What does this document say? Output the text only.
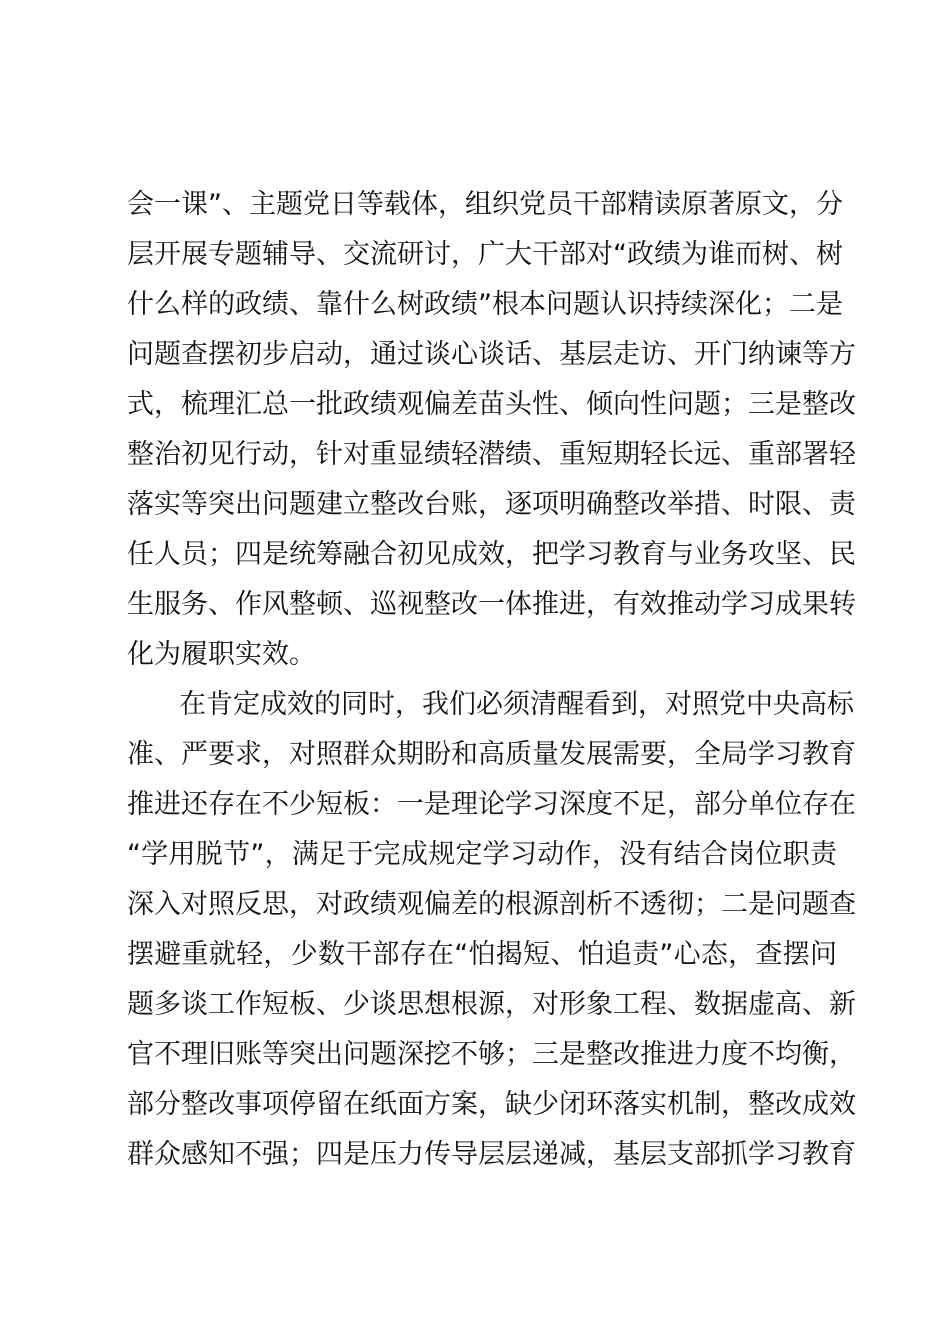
会一课”、主题党日等载体，组织党员干部精读原著原文，分
层开展专题辅导、交流研讨，广大干部对“政绩为谁而树、树
什么样的政绩、靠什么树政绩”根本问题认识持续深化；二是
问题查摆初步启动，通过谈心谈话、基层走访、开门纳谏等方
式，梳理汇总一批政绩观偏差苗头性、倾向性问题；三是整改
整治初见行动，针对重显绩轻潜绩、重短期轻长远、重部署轻
落实等突出问题建立整改台账，逐项明确整改举措、时限、责
任人员；四是统筹融合初见成效，把学习教育与业务攻坚、民
生服务、作风整顿、巡视整改一体推进，有效推动学习成果转
化为履职实效。
在肯定成效的同时，我们必须清醒看到，对照党中央高标
准、严要求，对照群众期盼和高质量发展需要，全局学习教育
推进还存在不少短板：一是理论学习深度不足，部分单位存在
“学用脱节”，满足于完成规定学习动作，没有结合岗位职责
深入对照反思，对政绩观偏差的根源剖析不透彻；二是问题查
摆避重就轻，少数干部存在“怕揭短、怕追责”心态，查摆问
题多谈工作短板、少谈思想根源，对形象工程、数据虚高、新
官不理旧账等突出问题深挖不够；三是整改推进力度不均衡，
部分整改事项停留在纸面方案，缺少闭环落实机制，整改成效
群众感知不强；四是压力传导层层递减，基层支部抓学习教育
